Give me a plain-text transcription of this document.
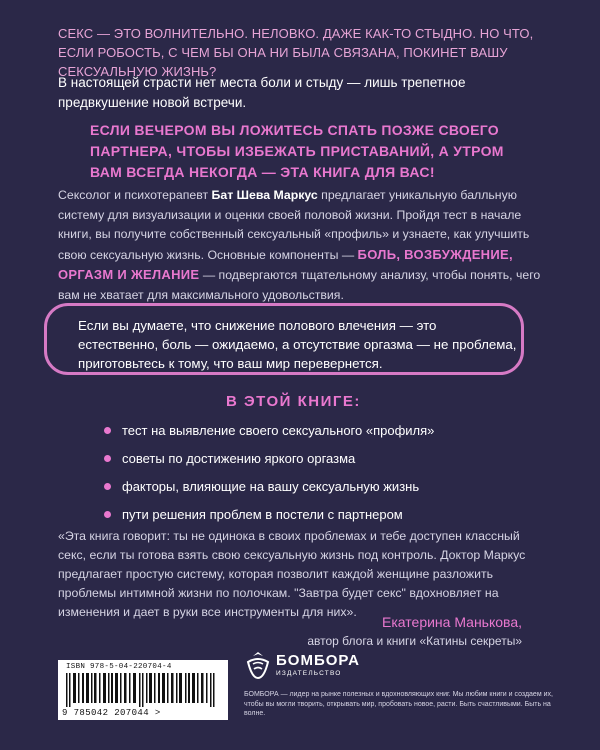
СЕКС — ЭТО ВОЛНИТЕЛЬНО. НЕЛОВКО. ДАЖЕ КАК-ТО СТЫДНО. НО ЧТО, ЕСЛИ РОБОСТЬ, С ЧЕМ БЫ ОНА НИ БЫЛА СВЯЗАНА, ПОКИНЕТ ВАШУ СЕКСУАЛЬНУЮ ЖИЗНЬ?
В настоящей страсти нет места боли и стыду — лишь трепетное предвкушение новой встречи.
ЕСЛИ ВЕЧЕРОМ ВЫ ЛОЖИТЕСЬ СПАТЬ ПОЗЖЕ СВОЕГО ПАРТНЕРА, ЧТОБЫ ИЗБЕЖАТЬ ПРИСТАВАНИЙ, А УТРОМ ВАМ ВСЕГДА НЕКОГДА — ЭТА КНИГА ДЛЯ ВАС!
Сексолог и психотерапевт Бат Шева Маркус предлагает уникальную балльную систему для визуализации и оценки своей половой жизни. Пройдя тест в начале книги, вы получите собственный сексуальный «профиль» и узнаете, как улучшить свою сексуальную жизнь. Основные компоненты — БОЛЬ, ВОЗБУЖДЕНИЕ, ОРГАЗМ И ЖЕЛАНИЕ — подвергаются тщательному анализу, чтобы понять, чего вам не хватает для максимального удовольствия.
Если вы думаете, что снижение полового влечения — это естественно, боль — ожидаемо, а отсутствие оргазма — не проблема, приготовьтесь к тому, что ваш мир перевернется.
В ЭТОЙ КНИГЕ:
тест на выявление своего сексуального «профиля»
советы по достижению яркого оргазма
факторы, влияющие на вашу сексуальную жизнь
пути решения проблем в постели с партнером
«Эта книга говорит: ты не одинока в своих проблемах и тебе доступен классный секс, если ты готова взять свою сексуальную жизнь под контроль. Доктор Маркус предлагает простую систему, которая позволит каждой женщине разложить проблемы интимной жизни по полочкам. "Завтра будет секс" вдохновляет на изменения и дает в руки все инструменты для них».
Екатерина Манькова,
автор блога и книги «Катины секреты»
ISBN 978-5-04-220704-4
9 785042 207044 >
БОМБОРА
ИЗДАТЕЛЬСТВО
БОМБОРА — лидер на рынке полезных и вдохновляющих книг. Мы любим книги и создаем их, чтобы вы могли творить, открывать мир, пробовать новое, расти. Быть счастливыми. Быть на волне.
